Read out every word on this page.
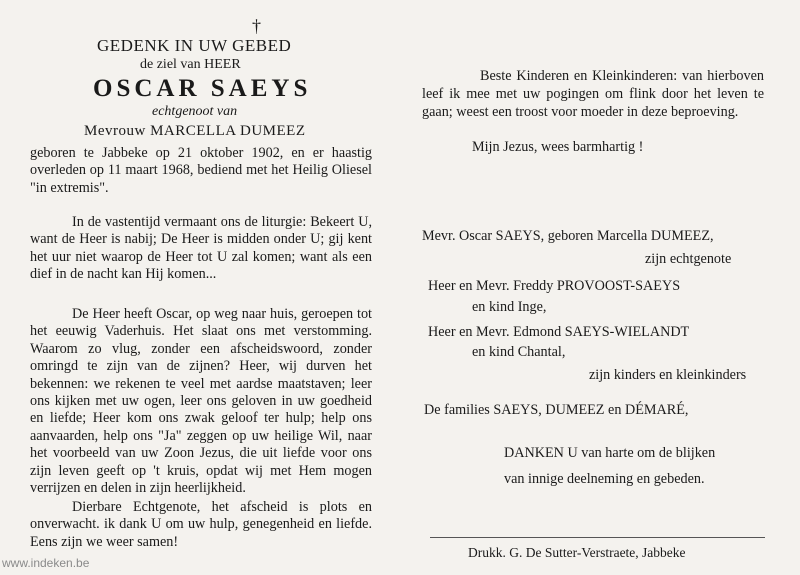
†
GEDENK IN UW GEBED
de ziel van HEER
OSCAR SAEYS
echtgenoot van
Mevrouw MARCELLA DUMEEZ
geboren te Jabbeke op 21 oktober 1902, en er haastig overleden op 11 maart 1968, bediend met het Heilig Oliesel "in extremis".
In de vastentijd vermaant ons de liturgie: Bekeert U, want de Heer is nabij; De Heer is midden onder U; gij kent het uur niet waarop de Heer tot U zal komen; want als een dief in de nacht kan Hij komen...
De Heer heeft Oscar, op weg naar huis, geroepen tot het eeuwig Vaderhuis. Het slaat ons met verstomming. Waarom zo vlug, zonder een afscheidswoord, zonder omringd te zijn van de zijnen? Heer, wij durven het bekennen: we rekenen te veel met aardse maatstaven; leer ons kijken met uw ogen, leer ons geloven in uw goedheid en liefde; Heer kom ons zwak geloof ter hulp; help ons aanvaarden, help ons "Ja" zeggen op uw heilige Wil, naar het voorbeeld van uw Zoon Jezus, die uit liefde voor ons zijn leven geeft op 't kruis, opdat wij met Hem mogen verrijzen en delen in zijn heerlijkheid.
Dierbare Echtgenote, het afscheid is plots en onverwacht. ik dank U om uw hulp, genegenheid en liefde. Eens zijn we weer samen!
Beste Kinderen en Kleinkinderen: van hierboven leef ik mee met uw pogingen om flink door het leven te gaan; weest een troost voor moeder in deze beproeving.
Mijn Jezus, wees barmhartig !
Mevr. Oscar SAEYS, geboren Marcella DUMEEZ,
zijn echtgenote
Heer en Mevr. Freddy PROVOOST-SAEYS
en kind Inge,
Heer en Mevr. Edmond SAEYS-WIELANDT
en kind Chantal,
zijn kinders en kleinkinders
De families SAEYS, DUMEEZ en DÉMARÉ,
DANKEN U van harte om de blijken
van innige deelneming en gebeden.
Drukk. G. De Sutter-Verstraete, Jabbeke
www.indeken.be
